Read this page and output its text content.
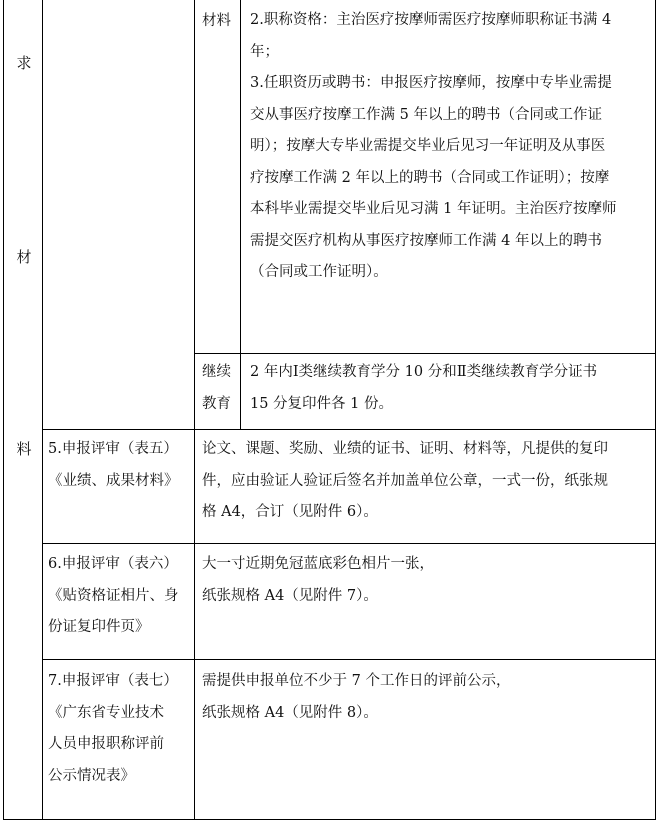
求
材
料
材料 2.职称资格：主治医疗按摩师需医疗按摩师职称证书满 4
年；
3.任职资历或聘书：申报医疗按摩师，按摩中专毕业需提
交从事医疗按摩工作满 5 年以上的聘书（合同或工作证
明）；按摩大专毕业需提交毕业后见习一年证明及从事医
疗按摩工作满 2 年以上的聘书（合同或工作证明）；按摩
本科毕业需提交毕业后见习满 1 年证明。主治医疗按摩师
需提交医疗机构从事医疗按摩师工作满 4 年以上的聘书
（合同或工作证明）。
继续
教育
2 年内Ⅰ类继续教育学分 10 分和Ⅱ类继续教育学分证书
15 分复印件各 1 份。
5.申报评审（表五）
《业绩、成果材料》
论文、课题、奖励、业绩的证书、证明、材料等，凡提供的复印
件，应由验证人验证后签名并加盖单位公章，一式一份，纸张规
格 A4，合订（见附件 6）。
6.申报评审（表六）
《贴资格证相片、身
份证复印件页》
大一寸近期免冠蓝底彩色相片一张，
纸张规格 A4（见附件 7）。
7.申报评审（表七）
《广东省专业技术
人员申报职称评前
公示情况表》
需提供申报单位不少于 7 个工作日的评前公示，
纸张规格 A4（见附件 8）。
